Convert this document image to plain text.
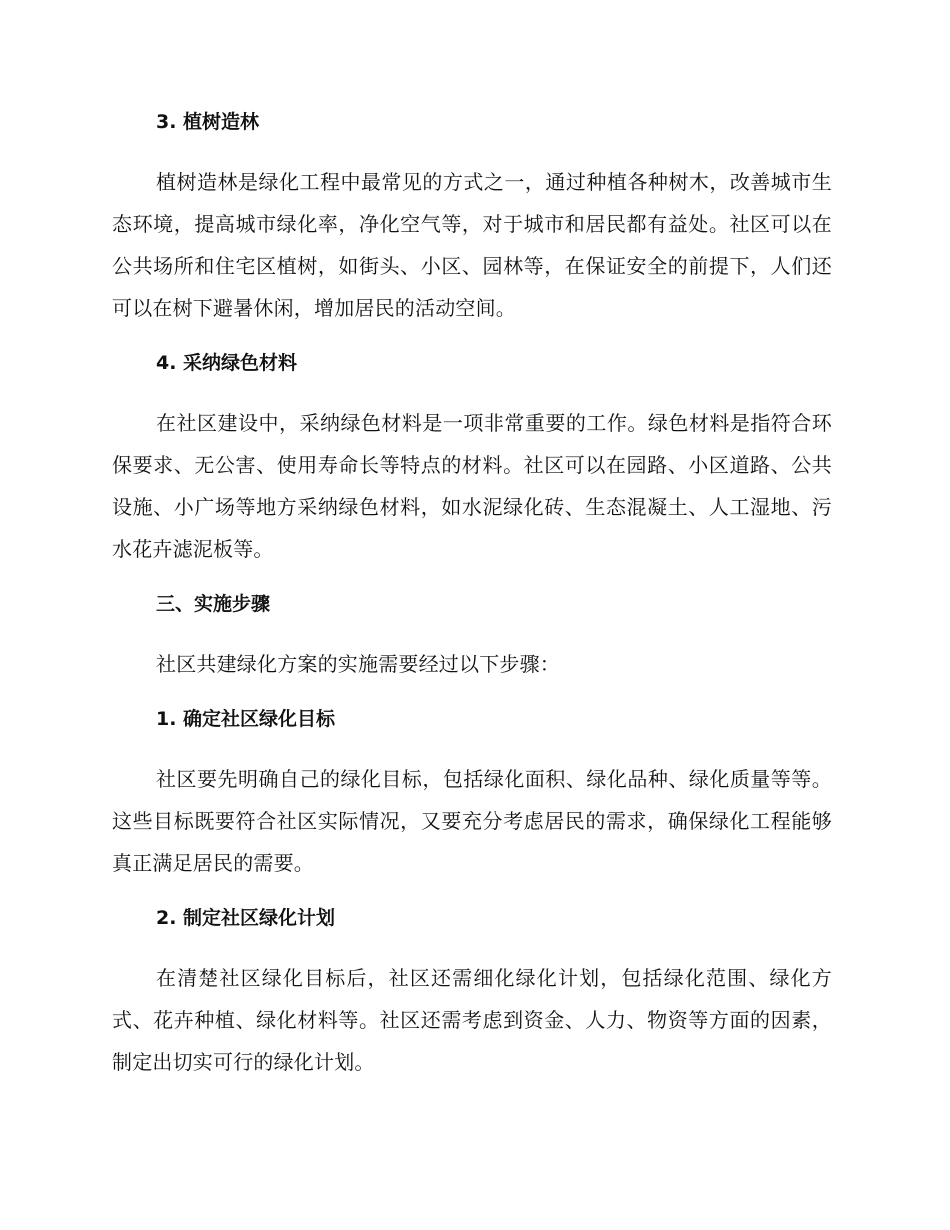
3. 植树造林
植树造林是绿化工程中最常见的方式之一，通过种植各种树木，改善城市生态环境，提高城市绿化率，净化空气等，对于城市和居民都有益处。社区可以在公共场所和住宅区植树，如街头、小区、园林等，在保证安全的前提下，人们还可以在树下避暑休闲，增加居民的活动空间。
4. 采纳绿色材料
在社区建设中，采纳绿色材料是一项非常重要的工作。绿色材料是指符合环保要求、无公害、使用寿命长等特点的材料。社区可以在园路、小区道路、公共设施、小广场等地方采纳绿色材料，如水泥绿化砖、生态混凝土、人工湿地、污水花卉滤泥板等。
三、实施步骤
社区共建绿化方案的实施需要经过以下步骤：
1. 确定社区绿化目标
社区要先明确自己的绿化目标，包括绿化面积、绿化品种、绿化质量等等。这些目标既要符合社区实际情况，又要充分考虑居民的需求，确保绿化工程能够真正满足居民的需要。
2. 制定社区绿化计划
在清楚社区绿化目标后，社区还需细化绿化计划，包括绿化范围、绿化方式、花卉种植、绿化材料等。社区还需考虑到资金、人力、物资等方面的因素，制定出切实可行的绿化计划。
